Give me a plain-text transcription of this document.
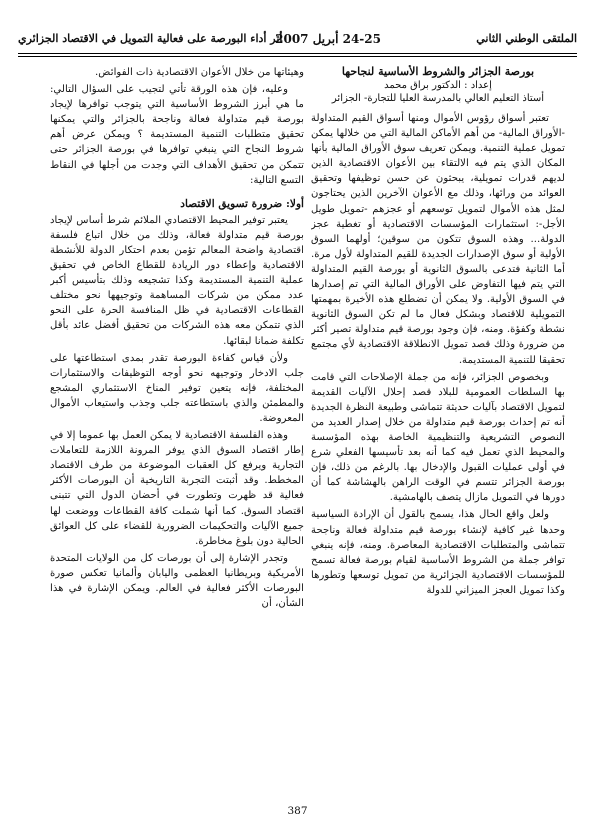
الملتقى الوطني الثاني
24-25 أبريل 2007
أثر أداء البورصة على فعالية التمويل في الاقتصاد الجزائري
بورصة الجزائر والشروط الأساسية لنجاحها

إعداد : الدكتور براق محمد

أستاذ التعليم العالي بالمدرسة العليا للتجارة- الجزائر

تعتبر أسواق رؤوس الأموال ومنها أسواق القيم المتداولة -الأوراق المالية- من أهم الأماكن المالية التي من خلالها يمكن تمويل عملية التنمية. ويمكن تعريف سوق الأوراق المالية بأنها المكان الذي يتم فيه الالتقاء بين الأعوان الاقتصادية الذين لديهم قدرات تمويلية، يبحثون عن حسن توظيفها وتحقيق العوائد من ورائها، وذلك مع الأعوان الآخرين الذين يحتاجون لمثل هذه الأموال لتمويل توسعهم أو عجزهم -تمويل طويل الأجل-: استثمارات المؤسسات الاقتصادية أو تغطية عجز الدولة... وهذه السوق تتكون من سوقين؛ أولهما السوق الأولية أو سوق الإصدارات الجديدة للقيم المتداولة لأول مرة. أما الثانية فتدعى بالسوق الثانوية أو بورصة القيم المتداولة التي يتم فيها التفاوض على الأوراق المالية التي تم إصدارها في السوق الأولية. ولا يمكن أن تضطلع هذه الأخيرة بمهمتها التمويلية للاقتصاد وبشكل فعال ما لم تكن السوق الثانوية نشطة وكفؤة. ومنه، فإن وجود بورصة قيم متداولة تصير أكثر من ضرورة وذلك قصد تمويل الانطلاقة الاقتصادية لأي مجتمع تحقيقا للتنمية المستديمة.

وبخصوص الجزائر، فإنه من جملة الإصلاحات التي قامت بها السلطات العمومية للبلاد قصد إحلال الآليات القديمة لتمويل الاقتصاد بآليات حديثة تتماشى وطبيعة النظرة الجديدة أنه تم إحداث بورصة قيم متداولة من خلال إصدار العديد من النصوص التشريعية والتنظيمية الخاصة بهذه المؤسسة والمحيط الذي تعمل فيه كما أنه بعد تأسيسها الفعلي شرع في أولى عمليات القبول والإدخال بها. بالرغم من ذلك، فإن بورصة الجزائر تتسم في الوقت الراهن بالهشاشة كما أن دورها في التمويل مازال يتصف بالهامشية.

ولعل واقع الحال هذا، يسمح بالقول أن الإرادة السياسية وحدها غير كافية لإنشاء بورصة قيم متداولة فعالة وناجحة تتماشى والمتطلبات الاقتصادية المعاصرة. ومنه، فإنه ينبغي توافر جملة من الشروط الأساسية لقيام بورصة فعالة تسمح للمؤسسات الاقتصادية الجزائرية من تمويل توسعها وتطورها وكذا تمويل العجز الميزاني للدولة

وهيئاتها من خلال الأعوان الاقتصادية ذات الفوائض.

وعليه، فإن هذه الورقة تأتي لتجيب على السؤال التالي: ما هي أبرز الشروط الأساسية التي يتوجب توافرها لإيجاد بورصة قيم متداولة فعالة وناجحة بالجزائر والتي يمكنها تحقيق متطلبات التنمية المستديمة ؟ ويمكن عرض أهم شروط النجاح التي ينبغي توافرها في بورصة الجزائر حتى تتمكن من تحقيق الأهداف التي وجدت من أجلها في النقاط التسع التالية:

أولا: ضرورة تسويق الاقتصاد

يعتبر توفير المحيط الاقتصادي الملائم شرط أساس لإيجاد بورصة قيم متداولة فعالة، وذلك من خلال اتباع فلسفة اقتصادية واضحة المعالم تؤمن بعدم احتكار الدولة للأنشطة الاقتصادية وإعطاء دور الريادة للقطاع الخاص في تحقيق عملية التنمية المستديمة وكذا تشجيعه وذلك بتأسيس أكبر عدد ممكن من شركات المساهمة وتوجيهها نحو مختلف القطاعات الاقتصادية في ظل المنافسة الحرة على النحو الذي تتمكن معه هذه الشركات من تحقيق أفضل عائد بأقل تكلفة ضمانا لبقائها.

ولأن قياس كفاءة البورصة تقدر بمدى استطاعتها على جلب الادخار وتوجيهه نحو أوجه التوظيفات والاستثمارات المختلفة، فإنه يتعين توفير المناخ الاستثماري المشجع والمطمئن والذي باستطاعته جلب وجذب واستيعاب الأموال المعروضة.

وهذه الفلسفة الاقتصادية لا يمكن العمل بها عموما إلا في إطار اقتصاد السوق الذي يوفر المرونة اللازمة للتعاملات التجارية ويرفع كل العقبات الموضوعة من طرف الاقتصاد المخطط. وقد أثبتت التجربة التاريخية أن البورصات الأكثر فعالية قد ظهرت وتطورت في أحضان الدول التي تتبنى اقتصاد السوق. كما أنها شملت كافة القطاعات ووضعت لها جميع الآليات والتحكيمات الضرورية للقضاء على كل العوائق الحالية دون بلوغ مخاطرة.

وتجدر الإشارة إلى أن بورصات كل من الولايات المتحدة الأمريكية وبريطانيا العظمى واليابان وألمانيا تعكس صورة البورصات الأكثر فعالية في العالم. ويمكن الإشارة في هذا الشأن، أن

387
